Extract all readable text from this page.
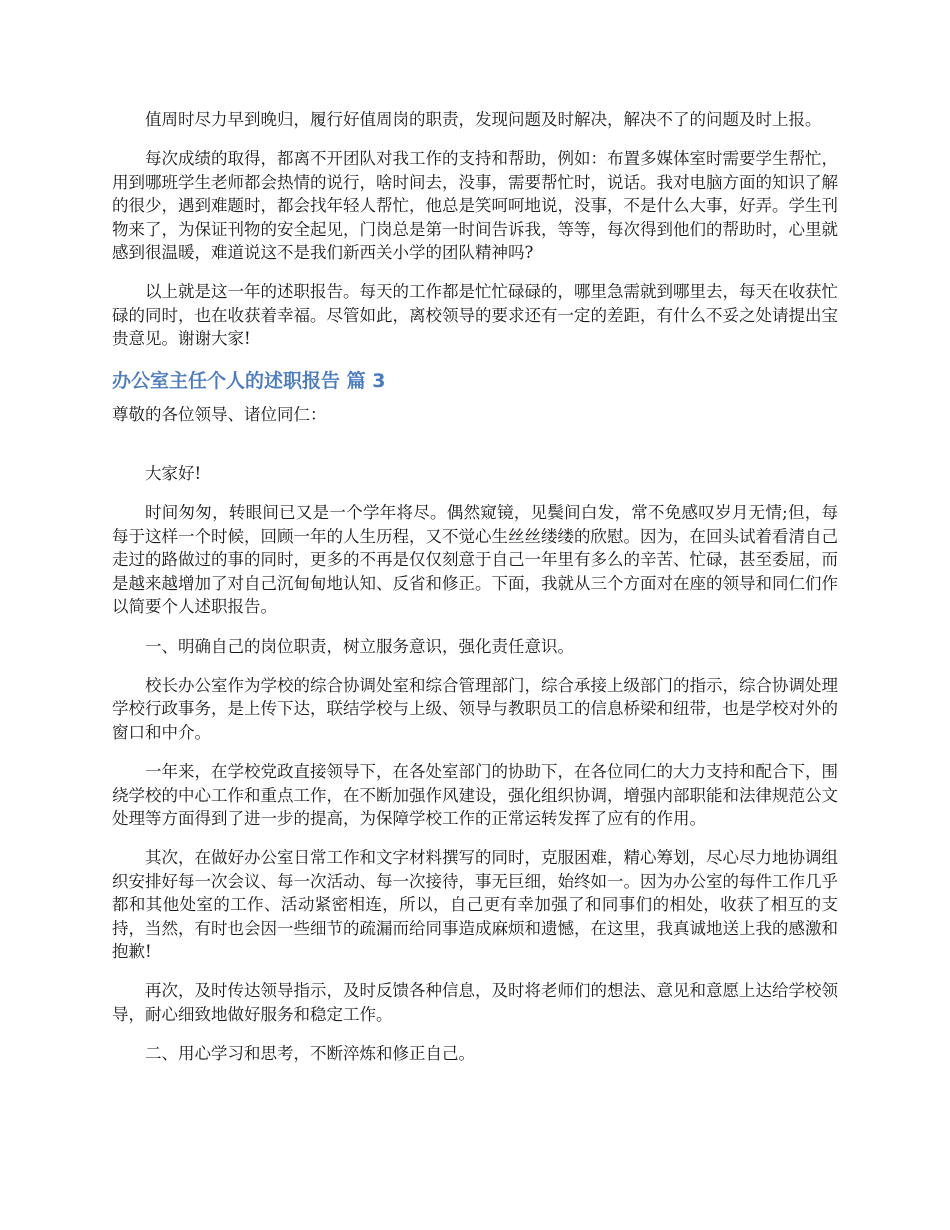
值周时尽力早到晚归，履行好值周岗的职责，发现问题及时解决，解决不了的问题及时上报。

每次成绩的取得，都离不开团队对我工作的支持和帮助，例如：布置多媒体室时需要学生帮忙，用到哪班学生老师都会热情的说行，啥时间去，没事，需要帮忙时，说话。我对电脑方面的知识了解的很少，遇到难题时，都会找年轻人帮忙，他总是笑呵呵地说，没事，不是什么大事，好弄。学生刊物来了，为保证刊物的安全起见，门岗总是第一时间告诉我，等等，每次得到他们的帮助时，心里就感到很温暖，难道说这不是我们新西关小学的团队精神吗?

以上就是这一年的述职报告。每天的工作都是忙忙碌碌的，哪里急需就到哪里去，每天在收获忙碌的同时，也在收获着幸福。尽管如此，离校领导的要求还有一定的差距，有什么不妥之处请提出宝贵意见。谢谢大家!

办公室主任个人的述职报告 篇 3

尊敬的各位领导、诸位同仁：

大家好!

时间匆匆，转眼间已又是一个学年将尽。偶然窥镜，见鬓间白发，常不免感叹岁月无情;但，每每于这样一个时候，回顾一年的人生历程，又不觉心生丝丝缕缕的欣慰。因为，在回头试着看清自己走过的路做过的事的同时，更多的不再是仅仅刻意于自己一年里有多么的辛苦、忙碌，甚至委屈，而是越来越增加了对自己沉甸甸地认知、反省和修正。下面，我就从三个方面对在座的领导和同仁们作以简要个人述职报告。

一、明确自己的岗位职责，树立服务意识，强化责任意识。

校长办公室作为学校的综合协调处室和综合管理部门，综合承接上级部门的指示，综合协调处理学校行政事务，是上传下达，联结学校与上级、领导与教职员工的信息桥梁和纽带，也是学校对外的窗口和中介。

一年来，在学校党政直接领导下，在各处室部门的协助下，在各位同仁的大力支持和配合下，围绕学校的中心工作和重点工作，在不断加强作风建设，强化组织协调，增强内部职能和法律规范公文处理等方面得到了进一步的提高，为保障学校工作的正常运转发挥了应有的作用。

其次，在做好办公室日常工作和文字材料撰写的同时，克服困难，精心筹划，尽心尽力地协调组织安排好每一次会议、每一次活动、每一次接待，事无巨细，始终如一。因为办公室的每件工作几乎都和其他处室的工作、活动紧密相连，所以，自己更有幸加强了和同事们的相处，收获了相互的支持，当然，有时也会因一些细节的疏漏而给同事造成麻烦和遗憾，在这里，我真诚地送上我的感激和抱歉!

再次，及时传达领导指示，及时反馈各种信息，及时将老师们的想法、意见和意愿上达给学校领导，耐心细致地做好服务和稳定工作。

二、用心学习和思考，不断淬炼和修正自己。
